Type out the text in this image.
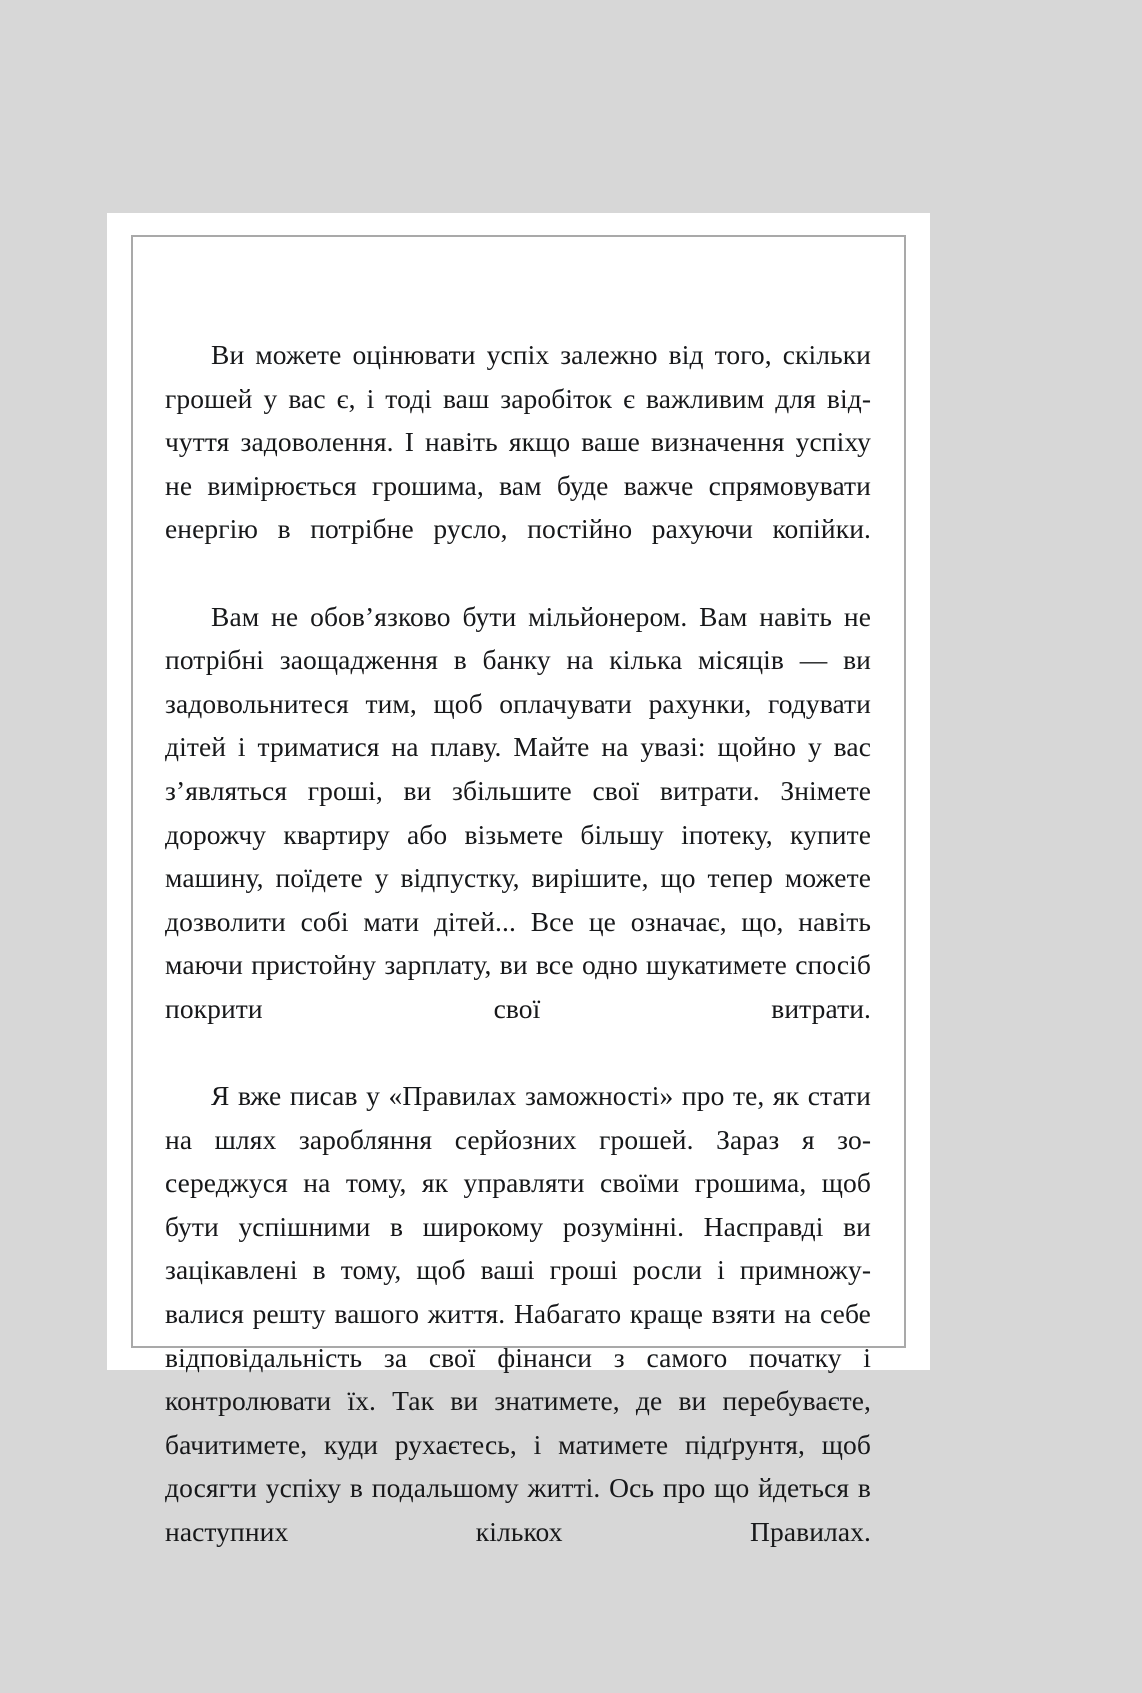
Ви можете оцінювати успіх залежно від того, скільки грошей у вас є, і тоді ваш заробіток є важливим для відчуття задоволення. І навіть якщо ваше визначення успіху не вимірюється грошима, вам буде важче спрямовувати енергію в потрібне русло, постійно рахуючи копійки.

Вам не обов’язково бути мільйонером. Вам навіть не потрібні заощадження в банку на кілька місяців — ви задовольнитеся тим, щоб оплачувати рахунки, годувати дітей і триматися на плаву. Майте на увазі: щойно у вас з’являться гроші, ви збільшите свої витрати. Знімете дорожчу квартиру або візьмете більшу іпотеку, купите машину, поїдете у відпустку, вирішите, що тепер можете дозволити собі мати дітей... Все це означає, що, навіть маючи пристойну зарплату, ви все одно шукатимете спосіб покрити свої витрати.

Я вже писав у «Правилах заможності» про те, як стати на шлях заробляння серйозних грошей. Зараз я зосереджуся на тому, як управляти своїми грошима, щоб бути успішними в широкому розумінні. Насправді ви зацікавлені в тому, щоб ваші гроші росли і примножувалися решту вашого життя. Набагато краще взяти на себе відповідальність за свої фінанси з самого початку і контролювати їх. Так ви знатимете, де ви перебуваєте, бачитимете, куди рухаєтесь, і матимете підґрунтя, щоб досягти успіху в подальшому житті. Ось про що йдеться в наступних кількох Правилах.
